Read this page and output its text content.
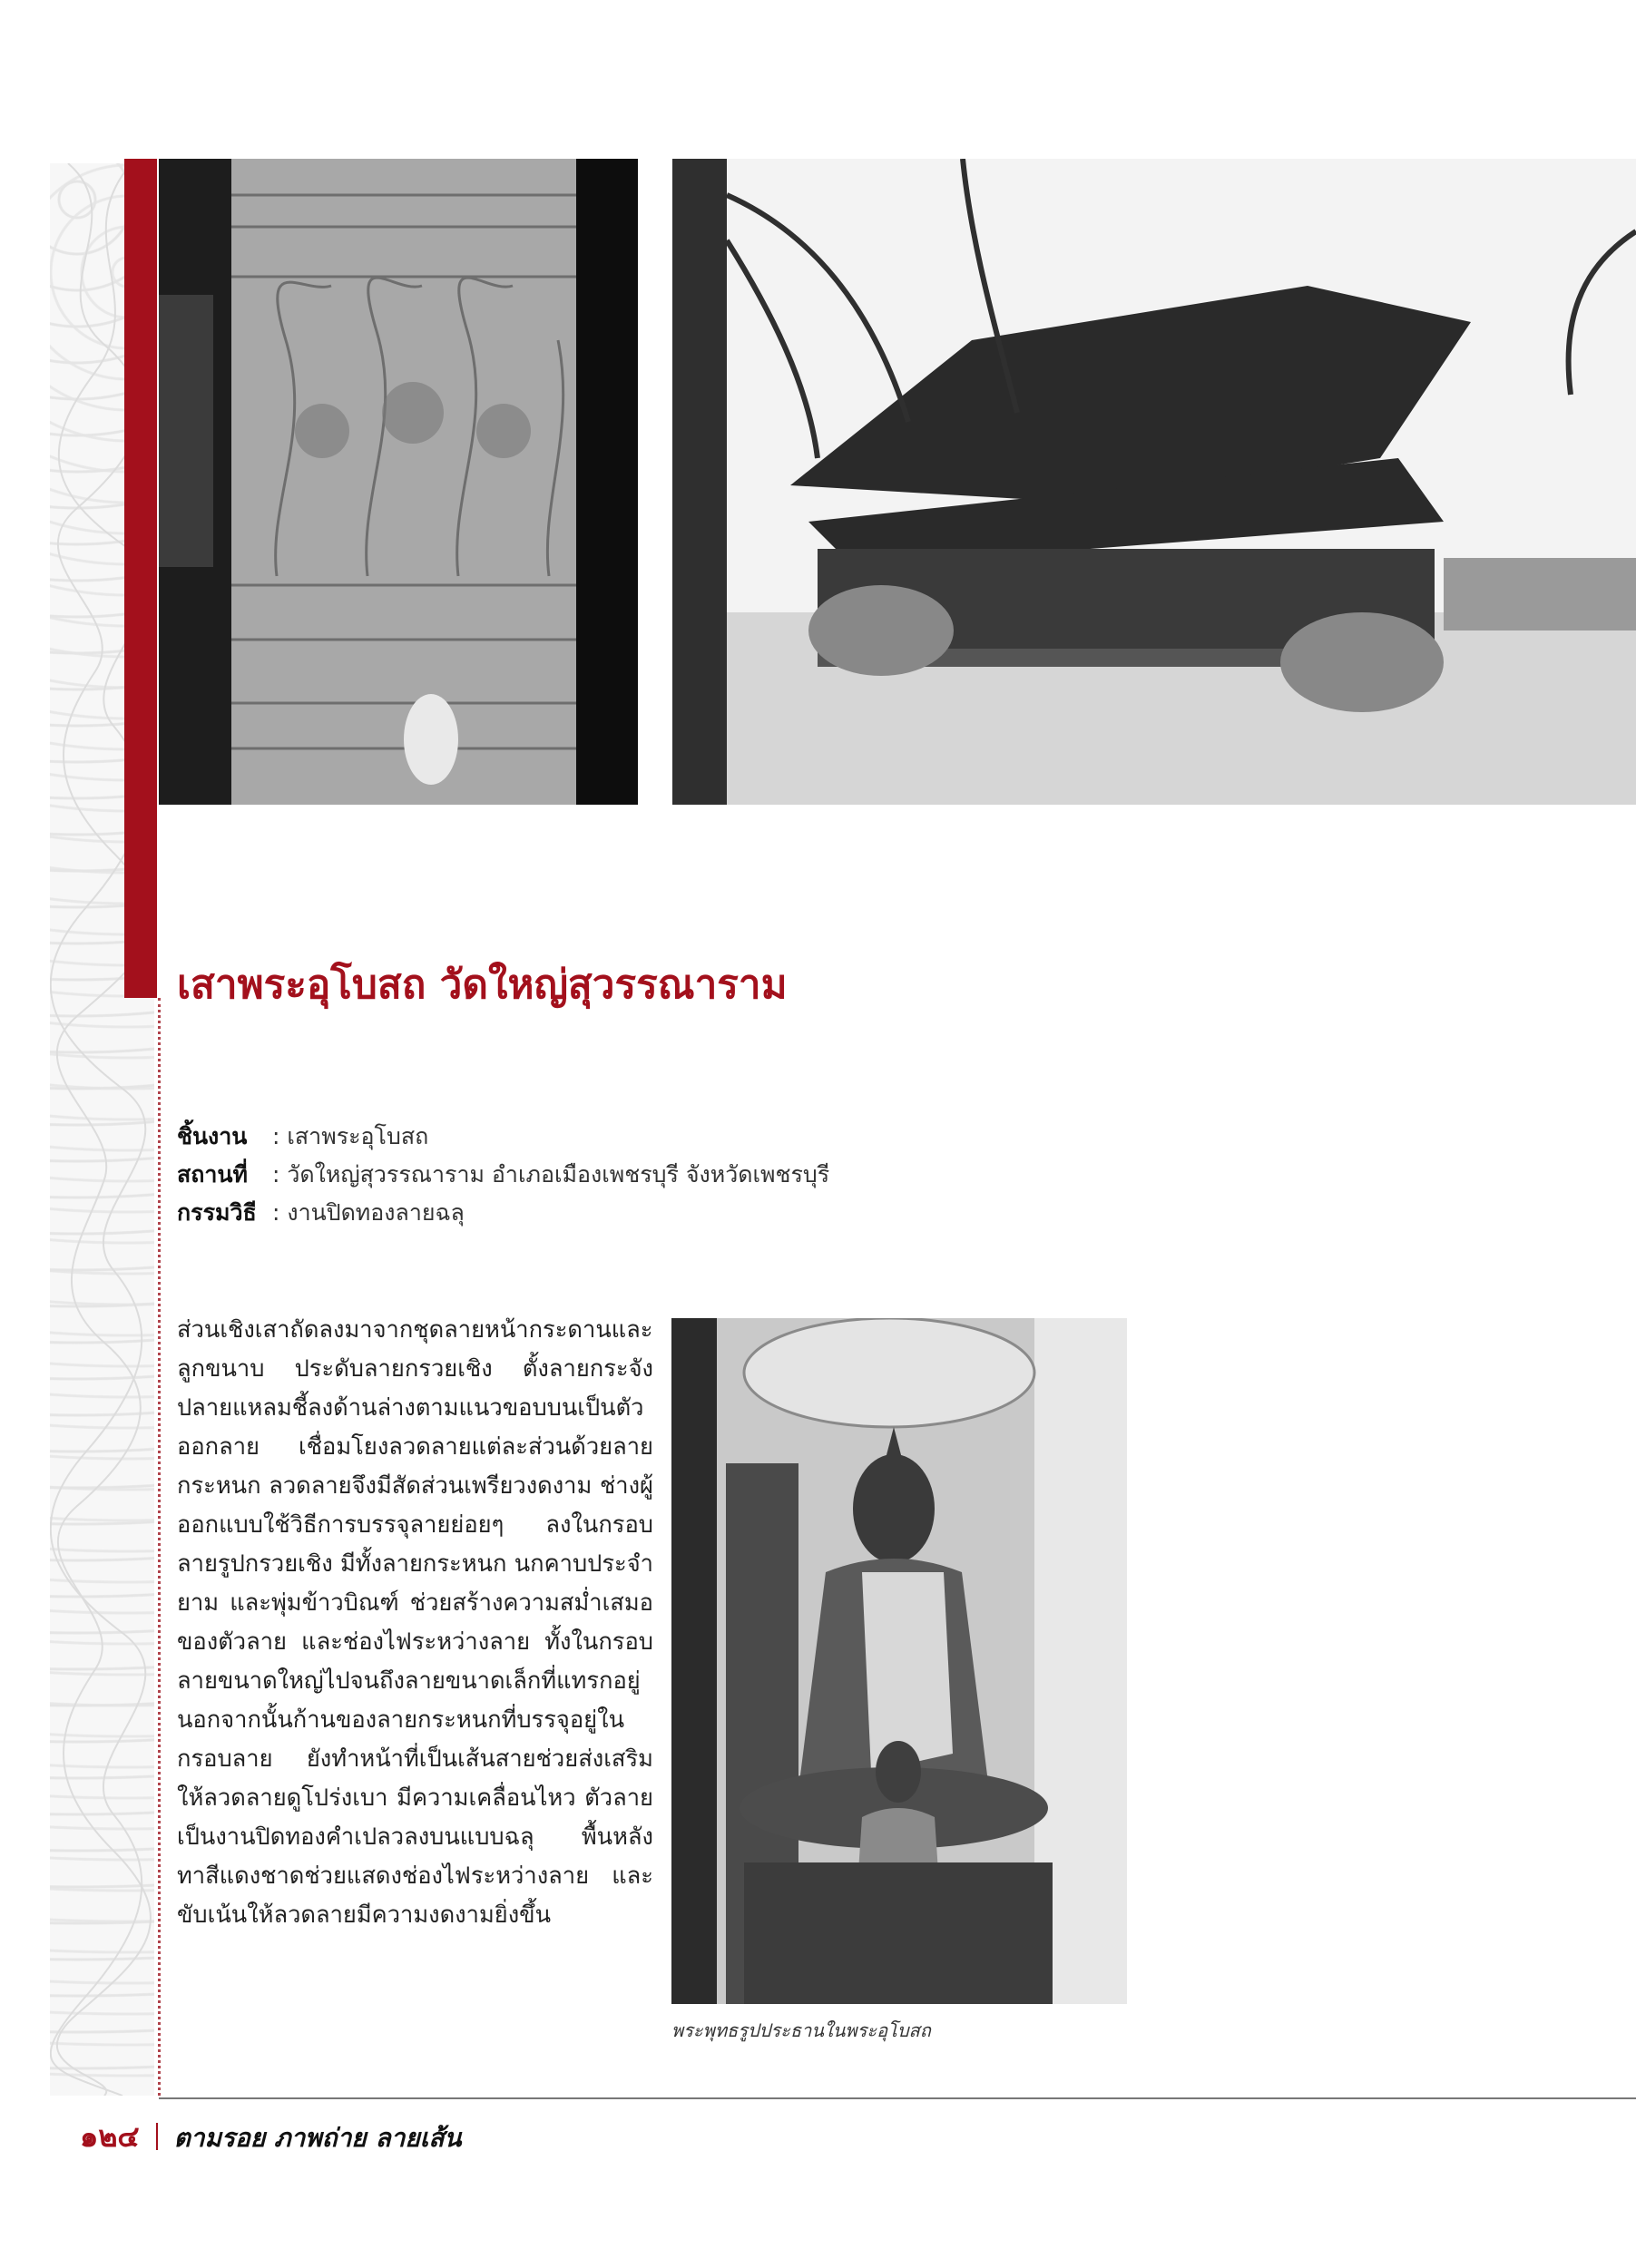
เสาพระอุโบสถ วัดใหญ่สุวรรณาราม
ชิ้นงาน : เสาพระอุโบสถ
สถานที่ : วัดใหญ่สุวรรณาราม อำเภอเมืองเพชรบุรี จังหวัดเพชรบุรี
กรรมวิธี : งานปิดทองลายฉลุ
ส่วนเชิงเสาถัดลงมาจากชุดลายหน้ากระดานและลูกขนาบ ประดับลายกรวยเชิง ตั้งลายกระจังปลายแหลมชี้ลงด้านล่างตามแนวขอบบนเป็นตัวออกลาย เชื่อมโยงลวดลายแต่ละส่วนด้วยลายกระหนก ลวดลายจึงมีสัดส่วนเพรียวงดงาม ช่างผู้ออกแบบใช้วิธีการบรรจุลายย่อยๆ ลงในกรอบลายรูปกรวยเชิง มีทั้งลายกระหนก นกคาบประจำยาม และพุ่มข้าวบิณฑ์ ช่วยสร้างความสม่ำเสมอของตัวลาย และช่องไฟระหว่างลาย ทั้งในกรอบลายขนาดใหญ่ไปจนถึงลายขนาดเล็กที่แทรกอยู่ นอกจากนั้นก้านของลายกระหนกที่บรรจุอยู่ในกรอบลาย ยังทำหน้าที่เป็นเส้นสายช่วยส่งเสริมให้ลวดลายดูโปร่งเบา มีความเคลื่อนไหว ตัวลายเป็นงานปิดทองคำเปลวลงบนแบบฉลุ พื้นหลังทาสีแดงชาดช่วยแสดงช่องไฟระหว่างลาย และขับเน้นให้ลวดลายมีความงดงามยิ่งขึ้น
พระพุทธรูปประธานในพระอุโบสถ
๑๒๔ ตามรอย ภาพถ่าย ลายเส้น
